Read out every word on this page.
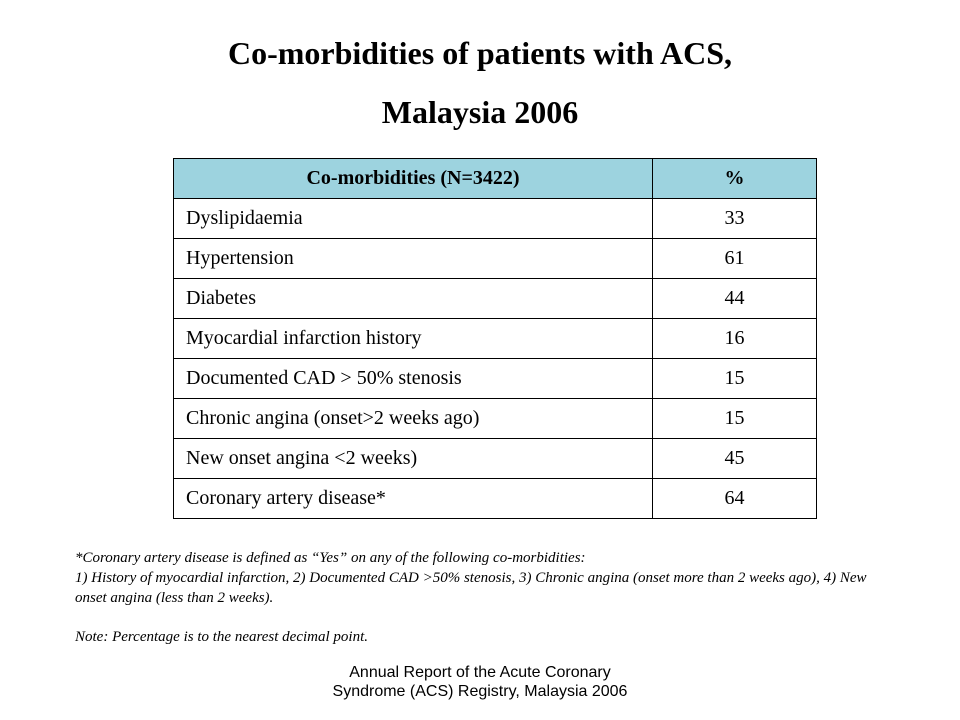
Co-morbidities of patients with ACS,
Malaysia 2006
Co-morbidities (N=3422)	%
Dyslipidaemia	33
Hypertension	61
Diabetes	44
Myocardial infarction history	16
Documented CAD > 50% stenosis	15
Chronic angina (onset>2 weeks ago)	15
New onset angina <2 weeks)	45
Coronary artery disease*	64
*Coronary artery disease is defined as “Yes” on any of the following co-morbidities:
1) History of myocardial infarction, 2) Documented CAD >50% stenosis, 3) Chronic angina (onset more than 2 weeks ago), 4) New onset angina (less than 2 weeks).
Note: Percentage is to the nearest decimal point.
Annual Report of the Acute Coronary
Syndrome (ACS) Registry, Malaysia 2006
